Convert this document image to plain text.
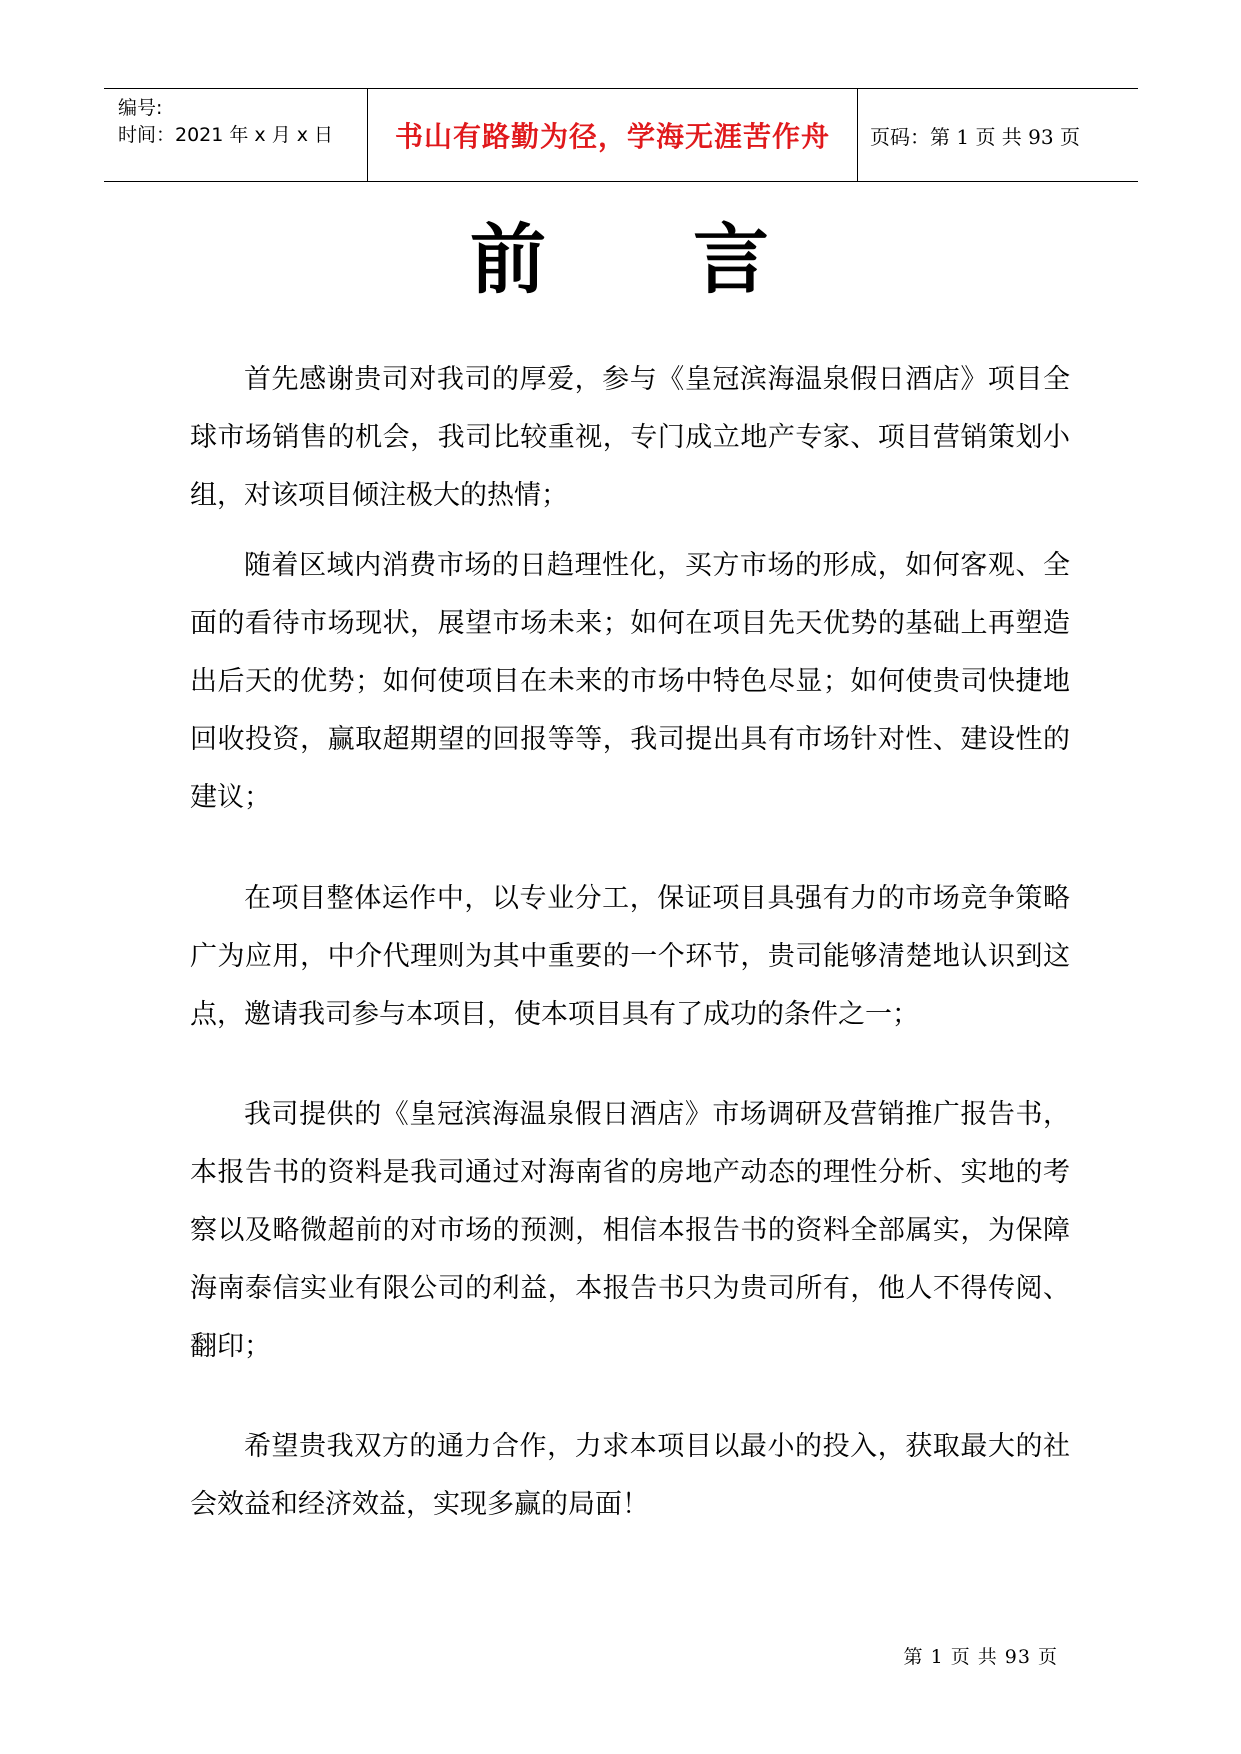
编号:
时间：2021 年 x 月 x 日	书山有路勤为径，学海无涯苦作舟 页码：第 1 页 共 93 页
前 言

首先感谢贵司对我司的厚爱，参与《皇冠滨海温泉假日酒店》项目全球市场销售的机会，我司比较重视，专门成立地产专家、项目营销策划小组，对该项目倾注极大的热情；

随着区域内消费市场的日趋理性化，买方市场的形成，如何客观、全面的看待市场现状，展望市场未来；如何在项目先天优势的基础上再塑造出后天的优势；如何使项目在未来的市场中特色尽显；如何使贵司快捷地回收投资，赢取超期望的回报等等，我司提出具有市场针对性、建设性的建议；

在项目整体运作中，以专业分工，保证项目具强有力的市场竞争策略广为应用，中介代理则为其中重要的一个环节，贵司能够清楚地认识到这点，邀请我司参与本项目，使本项目具有了成功的条件之一；

我司提供的《皇冠滨海温泉假日酒店》市场调研及营销推广报告书，本报告书的资料是我司通过对海南省的房地产动态的理性分析、实地的考察以及略微超前的对市场的预测，相信本报告书的资料全部属实，为保障海南泰信实业有限公司的利益，本报告书只为贵司所有，他人不得传阅、翻印；

希望贵我双方的通力合作，力求本项目以最小的投入，获取最大的社会效益和经济效益，实现多赢的局面！

第 1 页 共 93 页
